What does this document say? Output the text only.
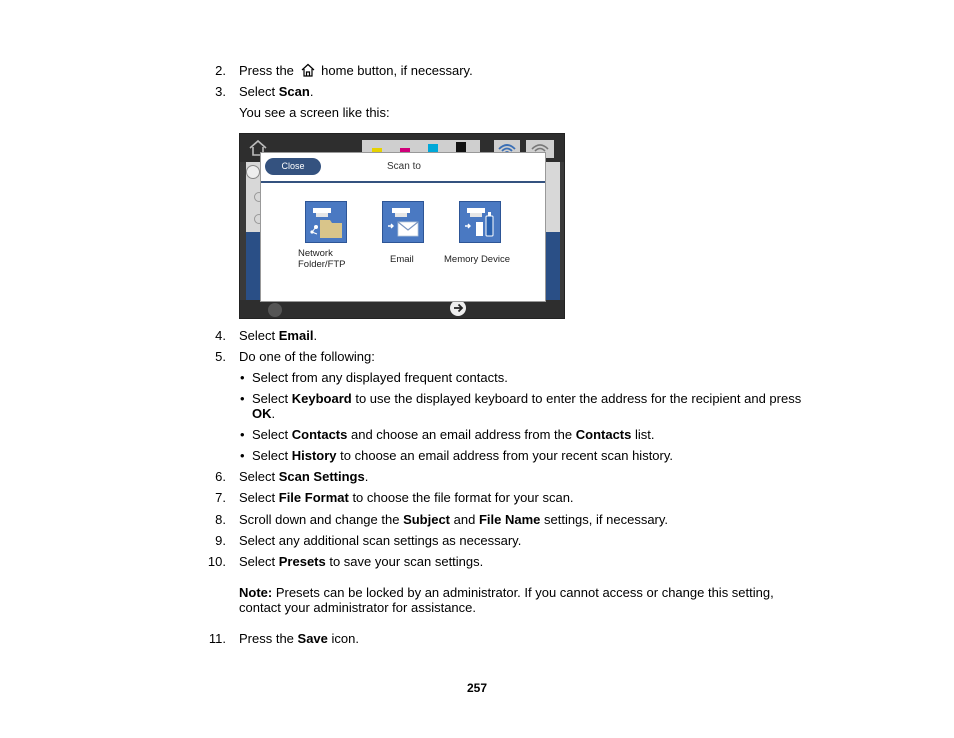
2. Press the home button, if necessary.
3. Select Scan.
You see a screen like this:
Close	Scan to
Network
Folder/FTP	Email	Memory Device
4. Select Email.
5. Do one of the following:
• Select from any displayed frequent contacts.
• Select Keyboard to use the displayed keyboard to enter the address for the recipient and press
OK.
• Select Contacts and choose an email address from the Contacts list.
• Select History to choose an email address from your recent scan history.
6. Select Scan Settings.
7. Select File Format to choose the file format for your scan.
8. Scroll down and change the Subject and File Name settings, if necessary.
9. Select any additional scan settings as necessary.
10. Select Presets to save your scan settings.
Note: Presets can be locked by an administrator. If you cannot access or change this setting,
contact your administrator for assistance.
11. Press the Save icon.
257
